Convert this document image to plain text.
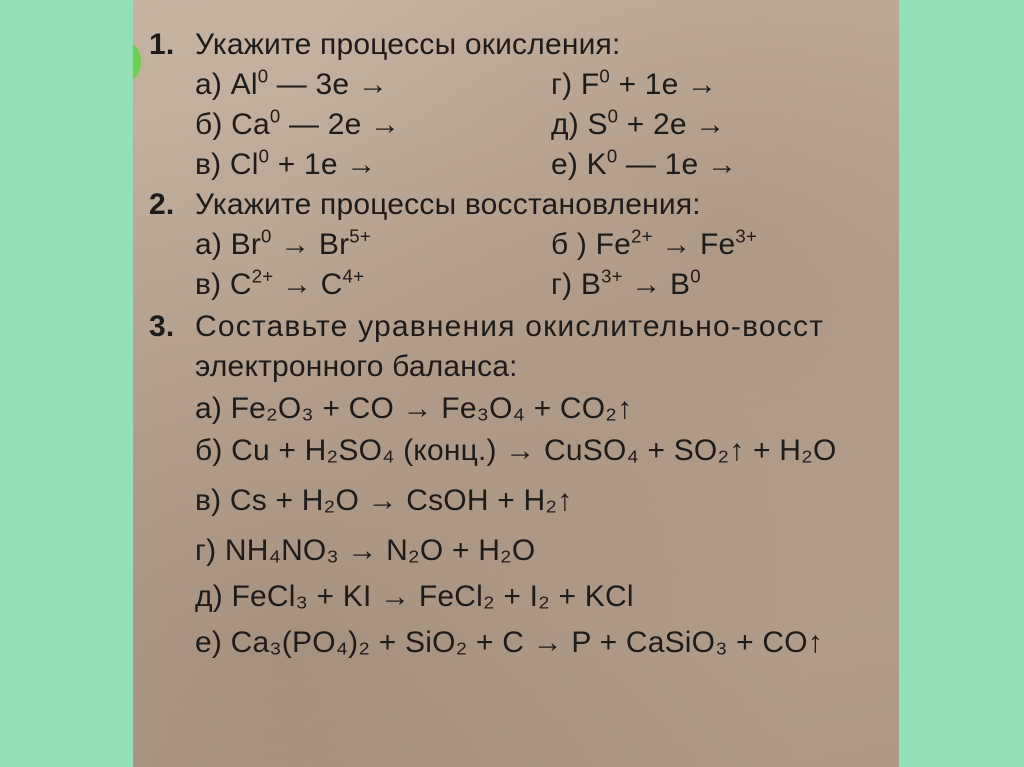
1. Укажите процессы окисления:
а) Al$^0$ — 3e →
б) Ca$^0$ — 2e →
в) $Cl^0 + 1e$ →
г) $F^0 + 1e$ →
д) $S^0 + 2e$ →
е) $K^0$ — 1e →
2. Укажите процессы восстановления:
а) $Br^0 \to Br^{5+}$	б ) $Fe^{2+} \to Fe^{3+}$
в) $C^{2+} \to C^{4+}$	г) $B^{3+} \to B^0$
3. Составьте уравнения окислительно-восст
электронного баланса:
а) Fe₂O₃ + CO → Fe₃O₄ + CO₂↑
б) Cu + H₂SO₄ (конц.) → CuSO₄ + SO₂↑ + H₂O
в) Cs + H₂O → CsOH + H₂↑
г) NH₄NO₃ → N₂O + H₂O
д) FeCl₃ + KI → FeCl₂ + I₂ + KCl
е) Ca₃(PO₄)₂ + SiO₂ + C → P + CaSiO₃ + CO↑
